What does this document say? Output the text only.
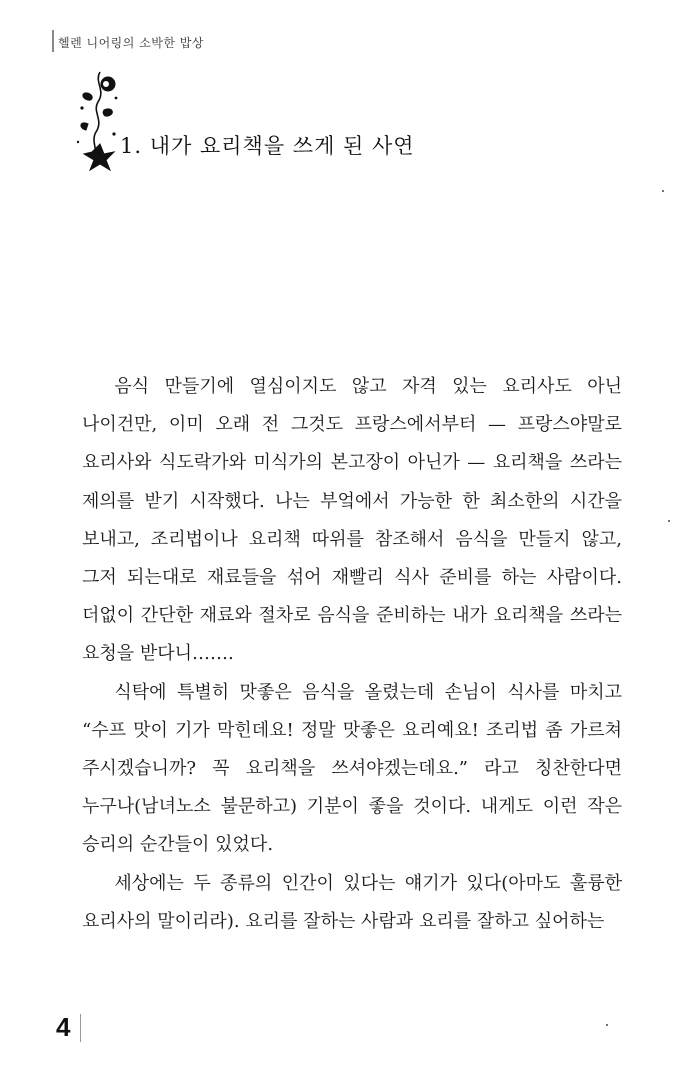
헬렌 니어링의 소박한 밥상
1. 내가 요리책을 쓰게 된 사연

음식 만들기에 열심이지도 않고 자격 있는 요리사도 아닌 나이건만, 이미 오래 전 그것도 프랑스에서부터 — 프랑스야말로 요리사와 식도락가와 미식가의 본고장이 아닌가 — 요리책을 쓰라는 제의를 받기 시작했다. 나는 부엌에서 가능한 한 최소한의 시간을 보내고, 조리법이나 요리책 따위를 참조해서 음식을 만들지 않고, 그저 되는대로 재료들을 섞어 재빨리 식사 준비를 하는 사람이다. 더없이 간단한 재료와 절차로 음식을 준비하는 내가 요리책을 쓰라는 요청을 받다니…….

식탁에 특별히 맛좋은 음식을 올렸는데 손님이 식사를 마치고 “수프 맛이 기가 막힌데요! 정말 맛좋은 요리예요! 조리법 좀 가르쳐 주시겠습니까? 꼭 요리책을 쓰셔야겠는데요.” 라고 칭찬한다면 누구나(남녀노소 불문하고) 기분이 좋을 것이다. 내게도 이런 작은 승리의 순간들이 있었다.

세상에는 두 종류의 인간이 있다는 얘기가 있다(아마도 훌륭한 요리사의 말이리라). 요리를 잘하는 사람과 요리를 잘하고 싶어하는

4
